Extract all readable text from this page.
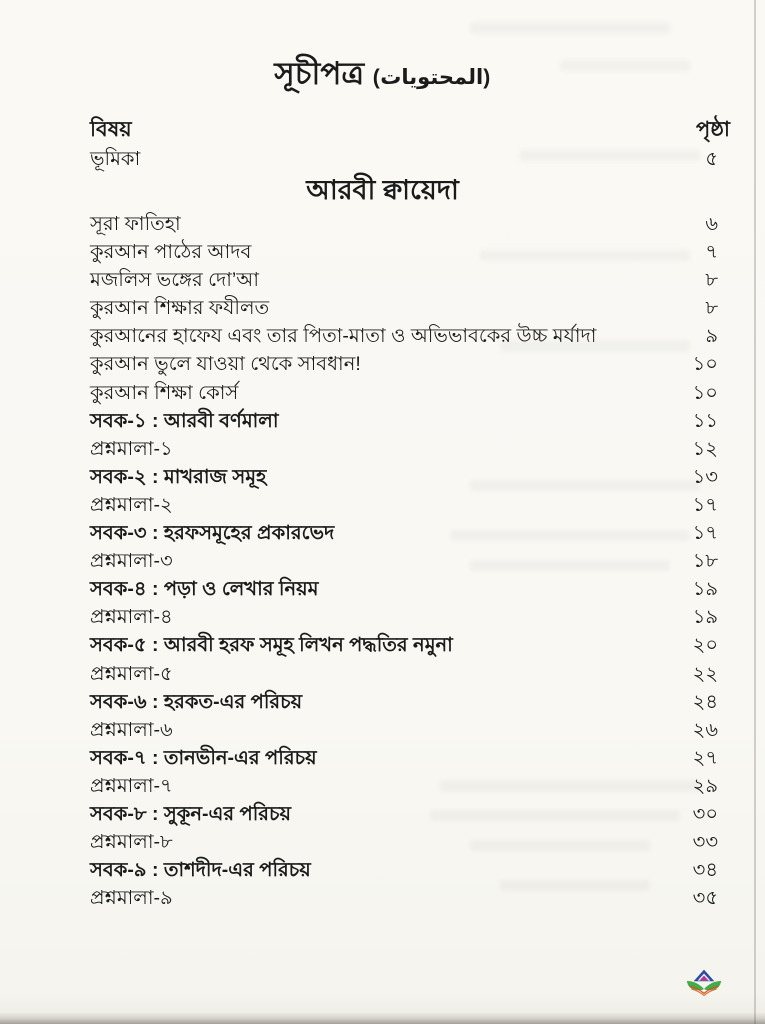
সূচীপত্র (المحتويات)
বিষয়	পৃষ্ঠা
ভূমিকা	৫
আরবী ক্বায়েদা
সূরা ফাতিহা	৬
কুরআন পাঠের আদব	৭
মজলিস ভঙ্গের দো’আ	৮
কুরআন শিক্ষার ফযীলত	৮
কুরআনের হাফেয এবং তার পিতা-মাতা ও অভিভাবকের উচ্চ মর্যাদা	৯
কুরআন ভুলে যাওয়া থেকে সাবধান!	১০
কুরআন শিক্ষা কোর্স	১০
সবক-১ : আরবী বর্ণমালা	১১
প্রশ্নমালা-১	১২
সবক-২ : মাখরাজ সমূহ	১৩
প্রশ্নমালা-২	১৭
সবক-৩ : হরফসমূহের প্রকারভেদ	১৭
প্রশ্নমালা-৩	১৮
সবক-৪ : পড়া ও লেখার নিয়ম	১৯
প্রশ্নমালা-৪	১৯
সবক-৫ : আরবী হরফ সমূহ লিখন পদ্ধতির নমুনা	২০
প্রশ্নমালা-৫	২২
সবক-৬ : হরকত-এর পরিচয়	২৪
প্রশ্নমালা-৬	২৬
সবক-৭ : তানভীন-এর পরিচয়	২৭
প্রশ্নমালা-৭	২৯
সবক-৮ : সুকূন-এর পরিচয়	৩০
প্রশ্নমালা-৮	৩৩
সবক-৯ : তাশদীদ-এর পরিচয়	৩৪
প্রশ্নমালা-৯	৩৫
